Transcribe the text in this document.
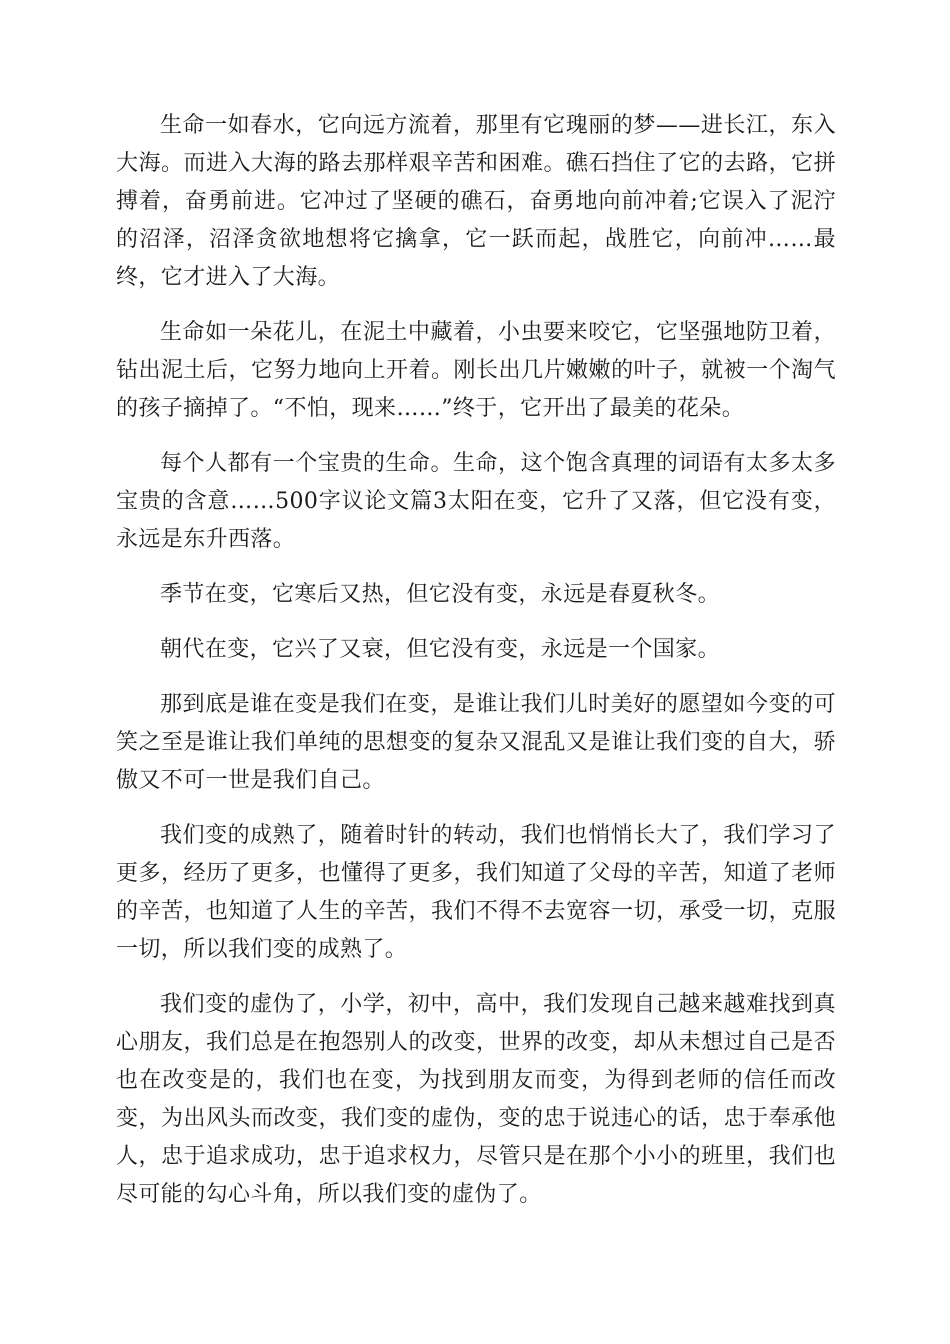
生命一如春水，它向远方流着，那里有它瑰丽的梦——进长江，东入大海。而进入大海的路去那样艰辛苦和困难。礁石挡住了它的去路，它拼搏着，奋勇前进。它冲过了坚硬的礁石，奋勇地向前冲着;它误入了泥泞的沼泽，沼泽贪欲地想将它擒拿，它一跃而起，战胜它，向前冲……最终，它才进入了大海。

生命如一朵花儿，在泥土中藏着，小虫要来咬它，它坚强地防卫着，钻出泥土后，它努力地向上开着。刚长出几片嫩嫩的叶子，就被一个淘气的孩子摘掉了。“不怕，现来……”终于，它开出了最美的花朵。

每个人都有一个宝贵的生命。生命，这个饱含真理的词语有太多太多宝贵的含意……500字议论文篇3太阳在变，它升了又落，但它没有变，永远是东升西落。

季节在变，它寒后又热，但它没有变，永远是春夏秋冬。

朝代在变，它兴了又衰，但它没有变，永远是一个国家。

那到底是谁在变是我们在变，是谁让我们儿时美好的愿望如今变的可笑之至是谁让我们单纯的思想变的复杂又混乱又是谁让我们变的自大，骄傲又不可一世是我们自己。

我们变的成熟了，随着时针的转动，我们也悄悄长大了，我们学习了更多，经历了更多，也懂得了更多，我们知道了父母的辛苦，知道了老师的辛苦，也知道了人生的辛苦，我们不得不去宽容一切，承受一切，克服一切，所以我们变的成熟了。

我们变的虚伪了，小学，初中，高中，我们发现自己越来越难找到真心朋友，我们总是在抱怨别人的改变，世界的改变，却从未想过自己是否也在改变是的，我们也在变，为找到朋友而变，为得到老师的信任而改变，为出风头而改变，我们变的虚伪，变的忠于说违心的话，忠于奉承他人，忠于追求成功，忠于追求权力，尽管只是在那个小小的班里，我们也尽可能的勾心斗角，所以我们变的虚伪了。
